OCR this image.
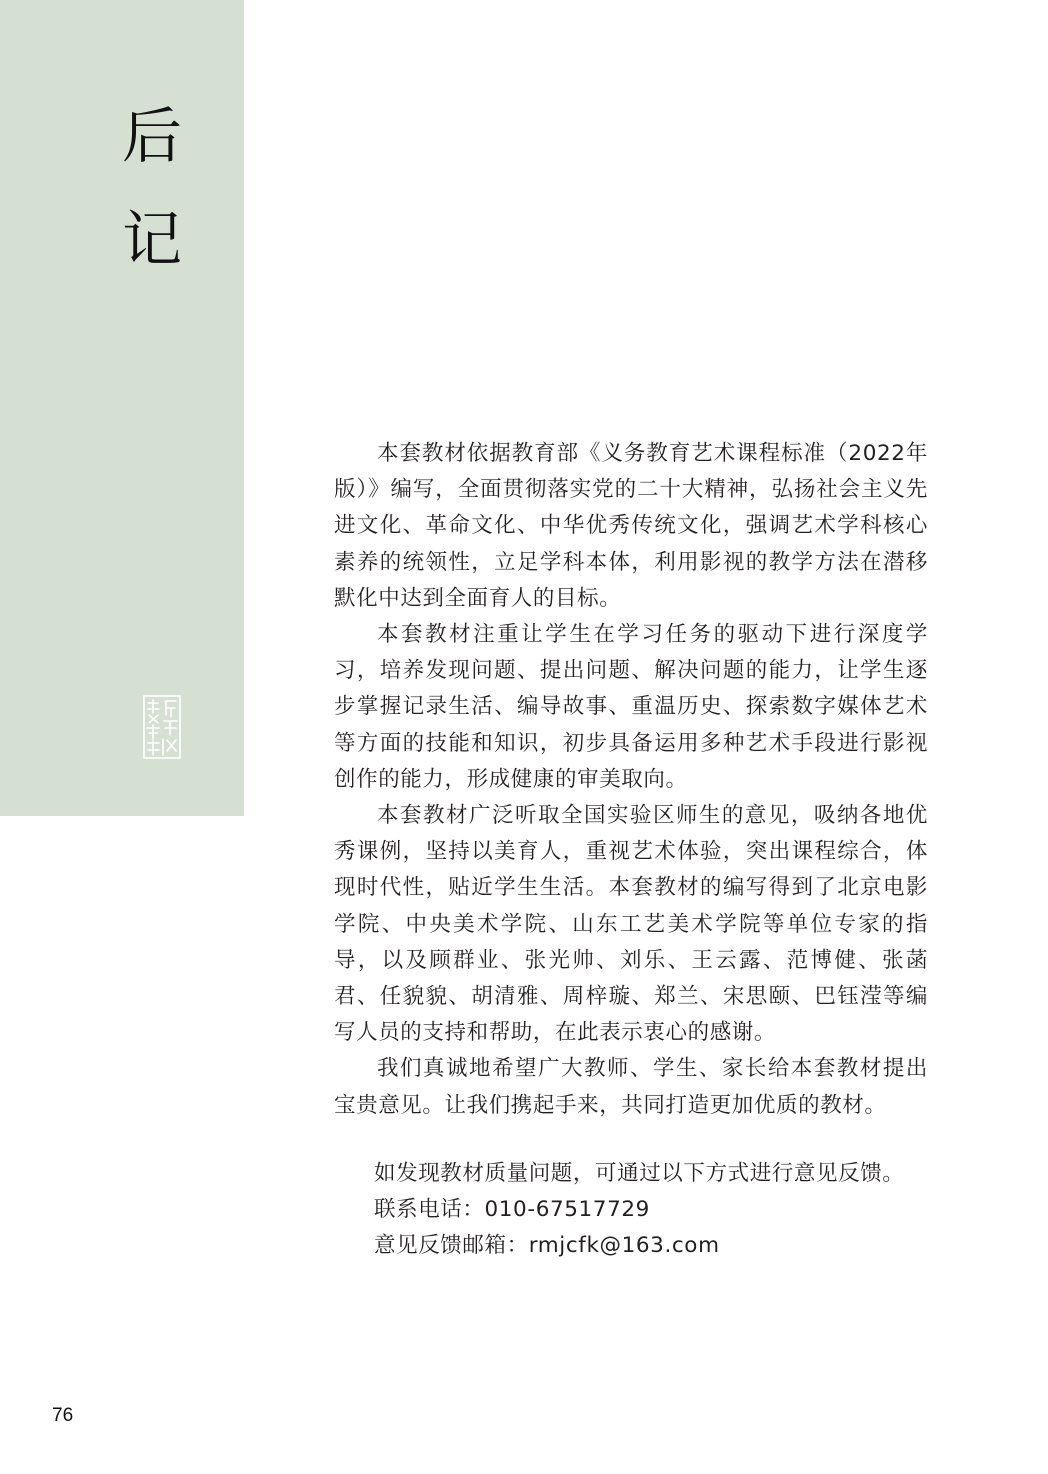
后
记

本套教材依据教育部《义务教育艺术课程标准（2022年版）》编写，全面贯彻落实党的二十大精神，弘扬社会主义先进文化、革命文化、中华优秀传统文化，强调艺术学科核心素养的统领性，立足学科本体，利用影视的教学方法在潜移默化中达到全面育人的目标。

本套教材注重让学生在学习任务的驱动下进行深度学习，培养发现问题、提出问题、解决问题的能力，让学生逐步掌握记录生活、编导故事、重温历史、探索数字媒体艺术等方面的技能和知识，初步具备运用多种艺术手段进行影视创作的能力，形成健康的审美取向。

本套教材广泛听取全国实验区师生的意见，吸纳各地优秀课例，坚持以美育人，重视艺术体验，突出课程综合，体现时代性，贴近学生生活。本套教材的编写得到了北京电影学院、中央美术学院、山东工艺美术学院等单位专家的指导，以及顾群业、张光帅、刘乐、王云露、范博健、张菡君、任貌貌、胡清雅、周梓璇、郑兰、宋思颐、巴钰滢等编写人员的支持和帮助，在此表示衷心的感谢。

我们真诚地希望广大教师、学生、家长给本套教材提出宝贵意见。让我们携起手来，共同打造更加优质的教材。

如发现教材质量问题，可通过以下方式进行意见反馈。

联系电话：010-67517729

意见反馈邮箱：rmjcfk@163.com

76
